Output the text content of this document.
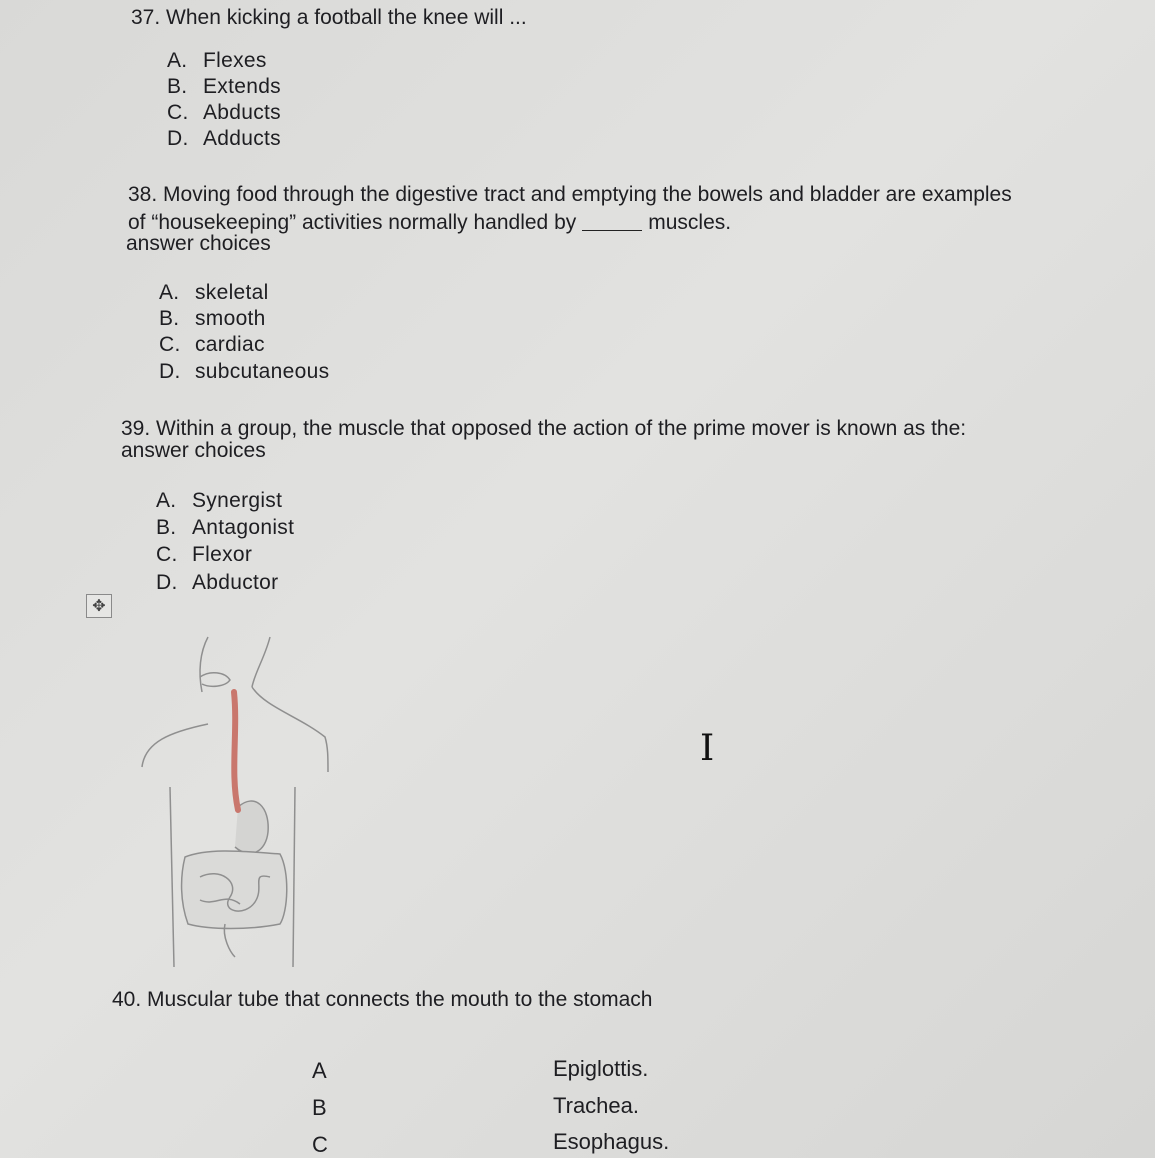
37. When kicking a football the knee will ...
A. Flexes
B. Extends
C. Abducts
D. Adducts
38. Moving food through the digestive tract and emptying the bowels and bladder are examples
of “housekeeping” activities normally handled by	muscles.
answer choices
A. skeletal
B. smooth
C. cardiac
D. subcutaneous
39. Within a group, the muscle that opposed the action of the prime mover is known as the:
answer choices
A. Synergist
B. Antagonist
C. Flexor
D. Abductor
✥
I
40. Muscular tube that connects the mouth to the stomach
A	Epiglottis.
B	Trachea.
C	Esophagus.
